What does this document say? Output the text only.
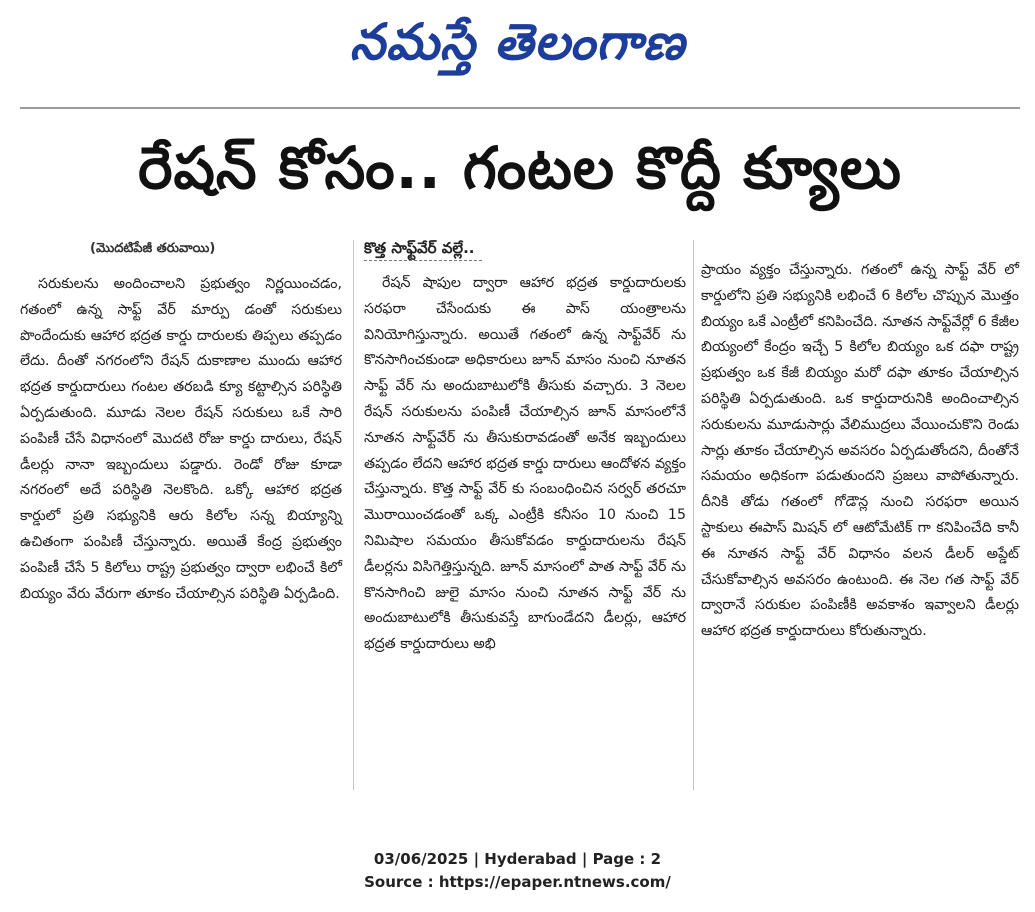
నమస్తే తెలంగాణ
రేషన్ కోసం.. గంటల కొద్దీ క్యూలు
(మొదటిపేజీ తరువాయి)

సరుకులను అందించాలని ప్రభుత్వం నిర్ణయించడం, గతంలో ఉన్న సాఫ్ట్ వేర్ మార్పు డంతో సరుకులు పొందేందుకు ఆహార భద్రత కార్డు దారులకు తిప్పలు తప్పడం లేదు. దీంతో నగరంలోని రేషన్ దుకాణాల ముందు ఆహార భద్రత కార్డుదారులు గంటల తరబడి క్యూ కట్టాల్సిన పరిస్థితి ఏర్పడుతుంది. మూడు నెలల రేషన్ సరుకులు ఒకే సారి పంపిణీ చేసే విధానంలో మొదటి రోజు కార్డు దారులు, రేషన్ డీలర్లు నానా ఇబ్బందులు పడ్డారు. రెండో రోజు కూడా నగరంలో అదే పరిస్థితి నెలకొంది. ఒక్కో ఆహార భద్రత కార్డులో ప్రతి సభ్యునికి ఆరు కిలోల సన్న బియ్యాన్ని ఉచితంగా పంపిణీ చేస్తున్నారు. అయితే కేంద్ర ప్రభుత్వం పంపిణీ చేసే 5 కిలోలు రాష్ట్ర ప్రభుత్వం ద్వారా లభించే కిలో బియ్యం వేరు వేరుగా తూకం చేయాల్సిన పరిస్థితి ఏర్పడింది.

కొత్త సాఫ్ట్‌వేర్ వల్లే..

రేషన్ షాపుల ద్వారా ఆహార భద్రత కార్డుదారులకు సరఫరా చేసేందుకు ఈ పాస్ యంత్రాలను వినియోగిస్తున్నారు. అయితే గతంలో ఉన్న సాఫ్ట్‌వేర్ ను కొనసాగించకుండా అధికారులు జూన్ మాసం నుంచి నూతన సాఫ్ట్ వేర్ ను అందుబాటులోకి తీసుకు వచ్చారు. 3 నెలల రేషన్ సరుకులను పంపిణీ చేయాల్సిన జూన్ మాసంలోనే నూతన సాఫ్ట్‌వేర్ ను తీసుకురావడంతో అనేక ఇబ్బందులు తప్పడం లేదని ఆహార భద్రత కార్డు దారులు ఆందోళన వ్యక్తం చేస్తున్నారు. కొత్త సాఫ్ట్ వేర్ కు సంబంధించిన సర్వర్ తరచూ మొరాయించడంతో ఒక్క ఎంట్రీకి కనీసం 10 నుంచి 15 నిమిషాల సమయం తీసుకోవడం కార్డుదారులను రేషన్ డీలర్లను విసిగెత్తిస్తున్నది. జూన్ మాసంలో పాత సాఫ్ట్ వేర్ ను కొనసాగించి జులై మాసం నుంచి నూతన సాఫ్ట్ వేర్ ను అందుబాటులోకి తీసుకువస్తే బాగుండేదని డీలర్లు, ఆహార భద్రత కార్డుదారులు అభి

ప్రాయం వ్యక్తం చేస్తున్నారు. గతంలో ఉన్న సాఫ్ట్ వేర్ లో కార్డులోని ప్రతి సభ్యునికి లభించే 6 కిలోల చొప్పున మొత్తం బియ్యం ఒకే ఎంట్రీలో కనిపించేది. నూతన సాఫ్ట్‌వేర్లో 6 కేజీల బియ్యంలో కేంద్రం ఇచ్చే 5 కిలోల బియ్యం ఒక దఫా రాష్ట్ర ప్రభుత్వం ఒక కేజీ బియ్యం మరో దఫా తూకం చేయాల్సిన పరిస్థితి ఏర్పడుతుంది. ఒక కార్డుదారునికి అందించాల్సిన సరుకులను మూడుసార్లు వేలిముద్రలు వేయించుకొని రెండు సార్లు తూకం చేయాల్సిన అవసరం ఏర్పడుతోందని, దీంతోనే సమయం అధికంగా పడుతుందని ప్రజలు వాపోతున్నారు. దీనికి తోడు గతంలో గోడౌన్ల నుంచి సరఫరా అయిన స్టాకులు ఈపాస్ మిషన్ లో ఆటోమేటిక్ గా కనిపించేది కానీ ఈ నూతన సాఫ్ట్ వేర్ విధానం వలన డీలర్ అప్డేట్ చేసుకోవాల్సిన అవసరం ఉంటుంది. ఈ నెల గత సాఫ్ట్ వేర్ ద్వారానే సరుకుల పంపిణీకి అవకాశం ఇవ్వాలని డీలర్లు ఆహార భద్రత కార్డుదారులు కోరుతున్నారు.

03/06/2025 | Hyderabad | Page : 2
Source : https://epaper.ntnews.com/
